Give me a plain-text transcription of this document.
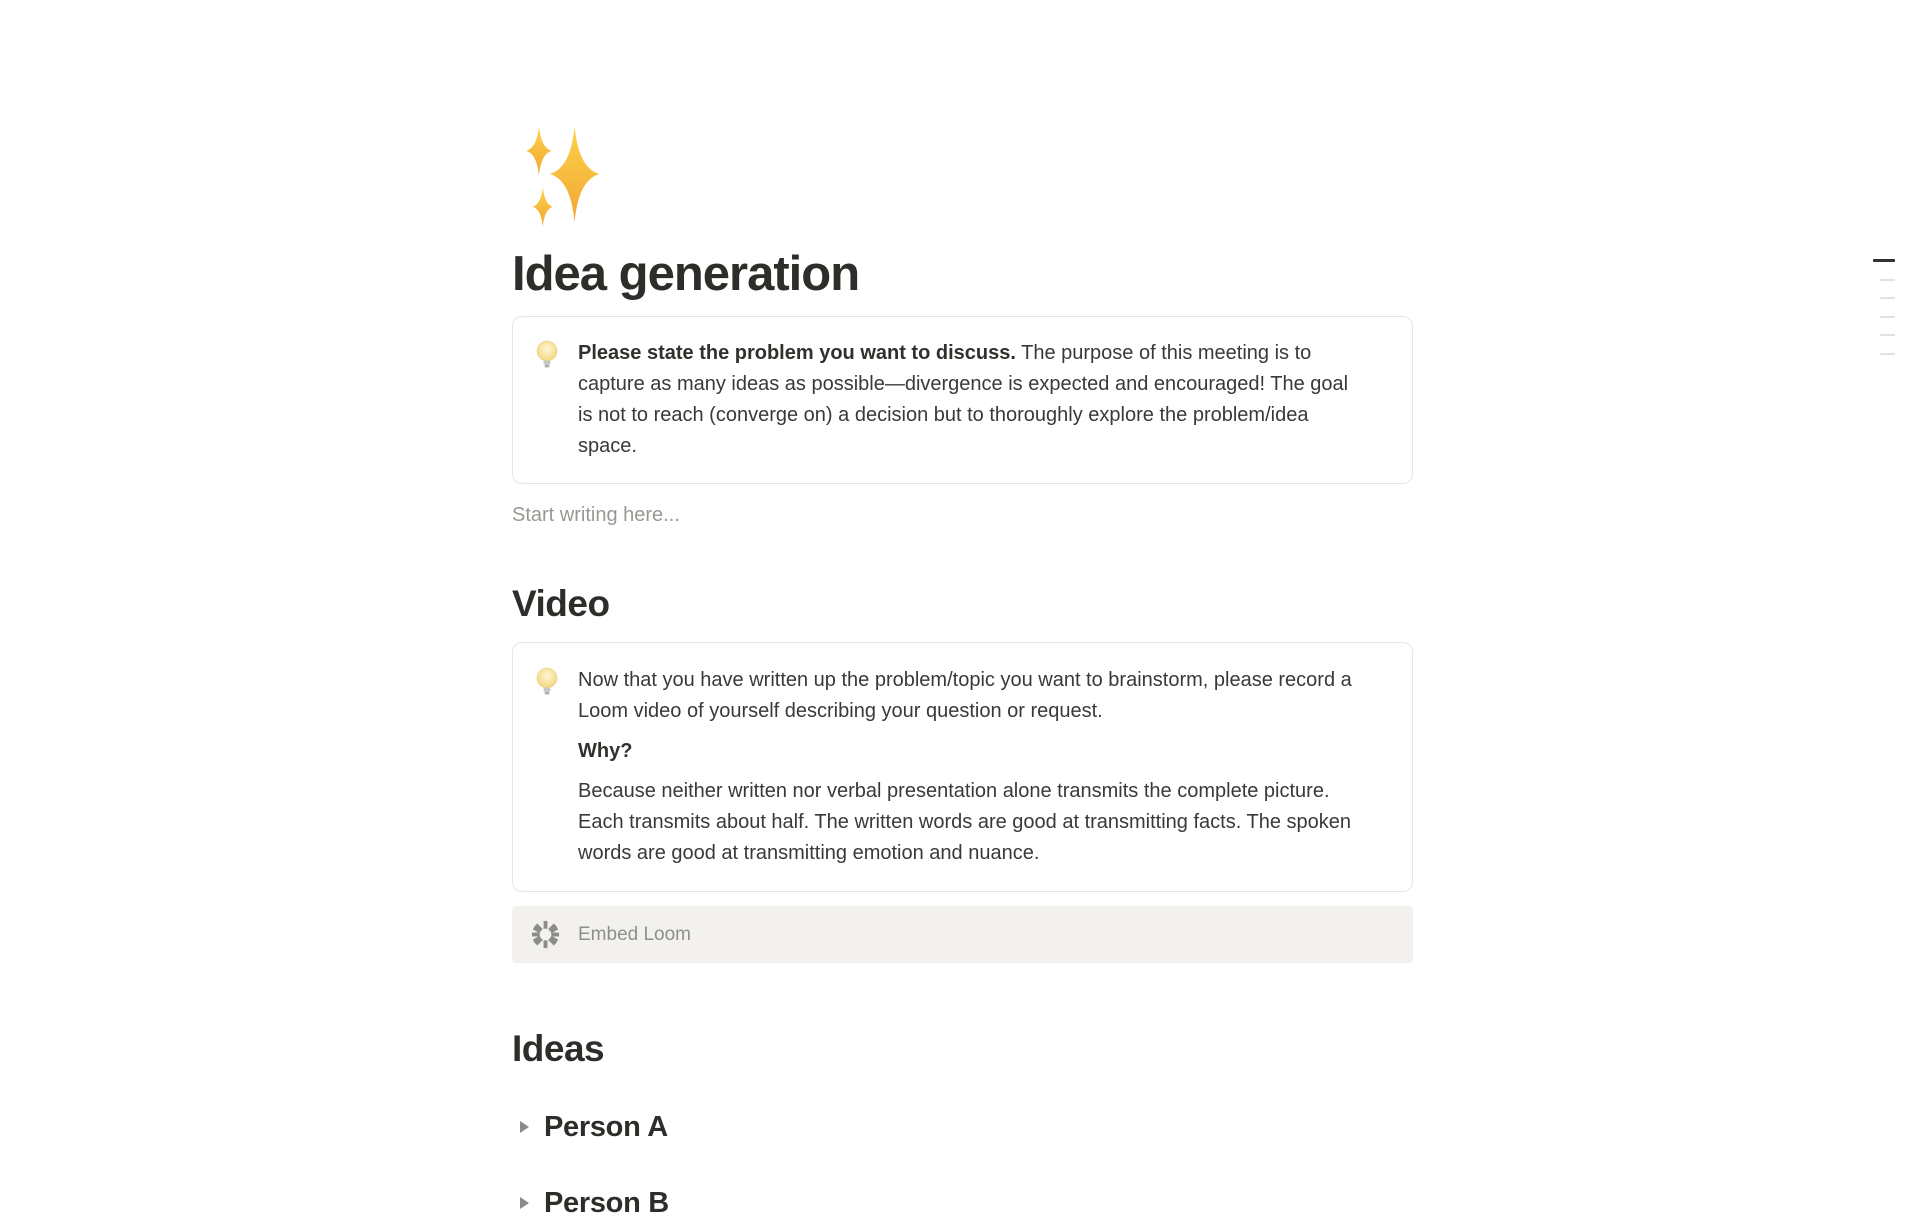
Idea generation

Please state the problem you want to discuss. The purpose of this meeting is to capture as many ideas as possible—divergence is expected and encouraged! The goal is not to reach (converge on) a decision but to thoroughly explore the problem/idea space.

Start writing here...
Video

Now that you have written up the problem/topic you want to brainstorm, please record a Loom video of yourself describing your question or request.

Why?

Because neither written nor verbal presentation alone transmits the complete picture. Each transmits about half. The written words are good at transmitting facts. The spoken words are good at transmitting emotion and nuance.

Embed Loom
Ideas
Person A
Person B
